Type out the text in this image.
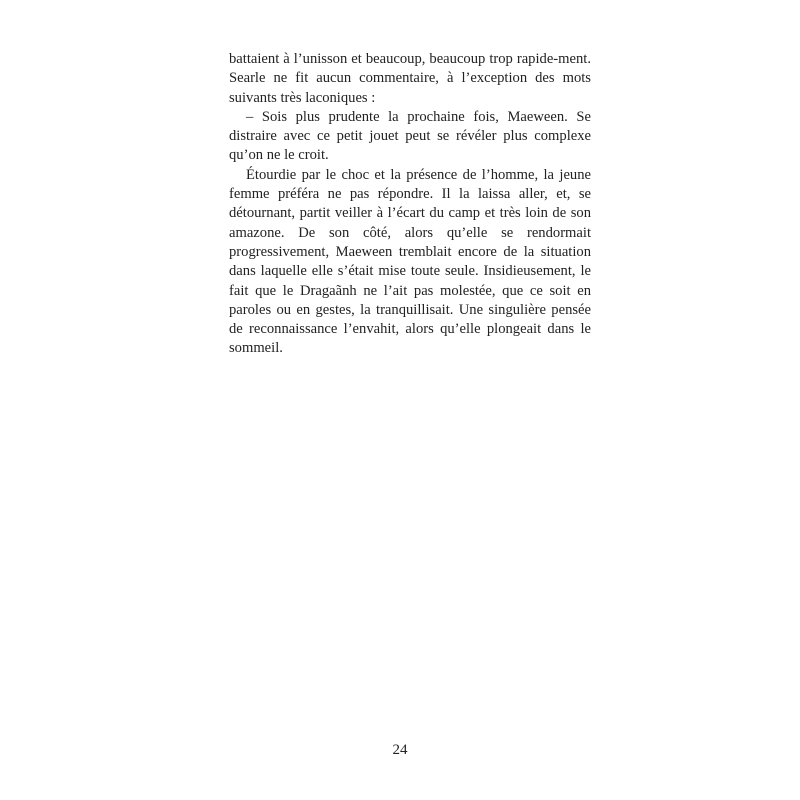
battaient à l’unisson et beaucoup, beaucoup trop rapide-ment. Searle ne fit aucun commentaire, à l’exception des mots suivants très laconiques :

– Sois plus prudente la prochaine fois, Maeween. Se distraire avec ce petit jouet peut se révéler plus complexe qu’on ne le croit.

Étourdie par le choc et la présence de l’homme, la jeune femme préféra ne pas répondre. Il la laissa aller, et, se détournant, partit veiller à l’écart du camp et très loin de son amazone. De son côté, alors qu’elle se rendormait progressivement, Maeween tremblait encore de la situation dans laquelle elle s’était mise toute seule. Insidieusement, le fait que le Dragaãnh ne l’ait pas molestée, que ce soit en paroles ou en gestes, la tranquillisait. Une singulière pensée de reconnaissance l’envahit, alors qu’elle plongeait dans le sommeil.

24
